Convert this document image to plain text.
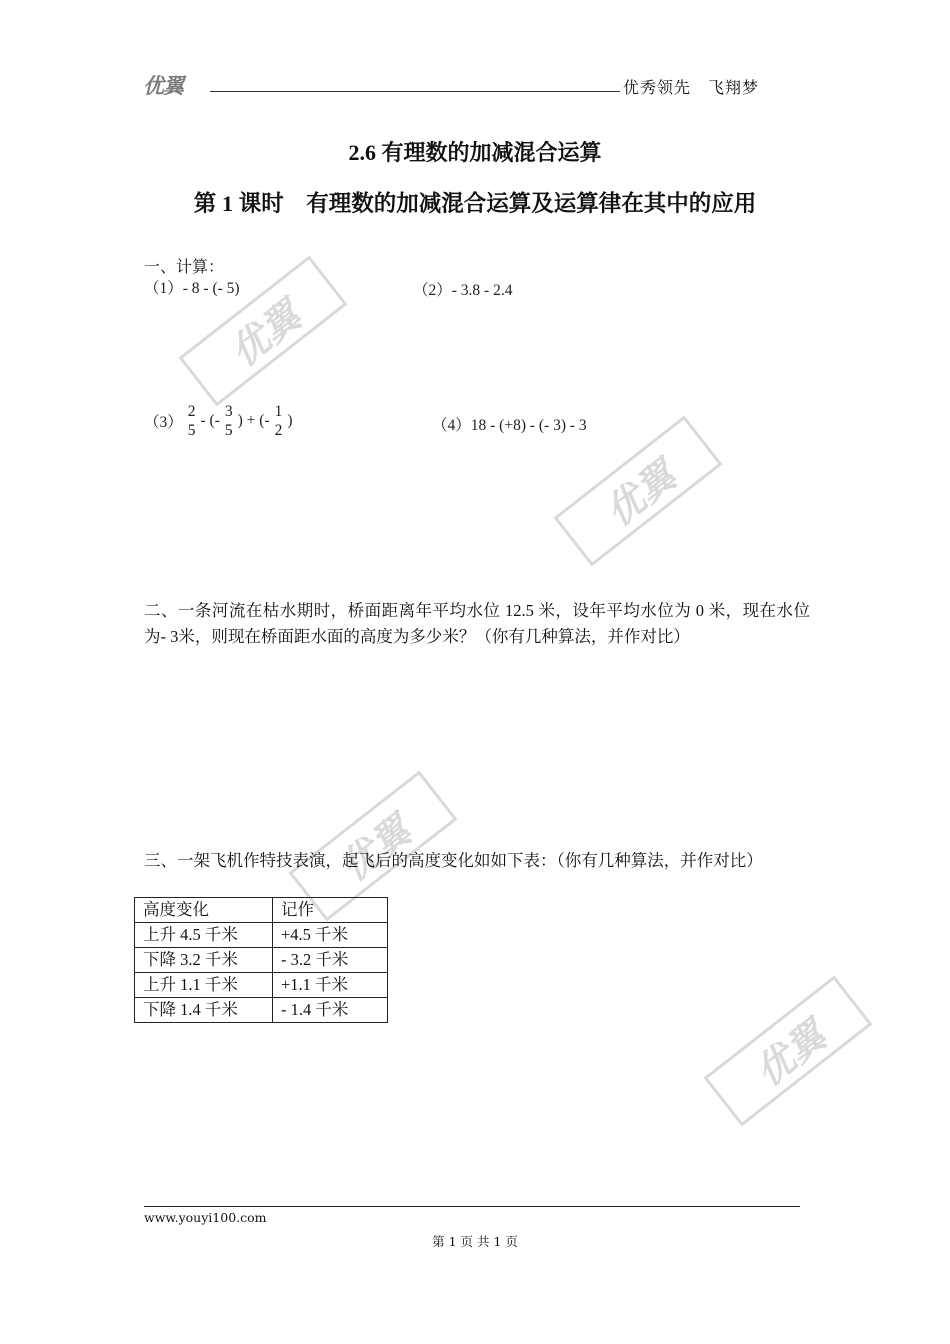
优翼
优翼
优翼
优翼
优翼	优秀领先　飞翔梦
2.6 有理数的加减混合运算
第 1 课时　有理数的加减混合运算及运算律在其中的应用
一、计算：
（1）- 8 - (- 5)	（2）- 3.8 - 2.4
（3）
2
5
- (-
3
5
) + (-
1
2
)	（4）18 - (+8) - (- 3) - 3
二、一条河流在枯水期时，桥面距离年平均水位 12.5 米，设年平均水位为 0 米，现在水位为- 3米，则现在桥面距水面的高度为多少米？（你有几种算法，并作对比）
三、一架飞机作特技表演，起飞后的高度变化如如下表：（你有几种算法，并作对比）
高度变化	记作
上升 4.5 千米	+4.5 千米
下降 3.2 千米	- 3.2 千米
上升 1.1 千米	+1.1 千米
下降 1.4 千米	- 1.4 千米
www.youyi100.com
第 1 页 共 1 页
